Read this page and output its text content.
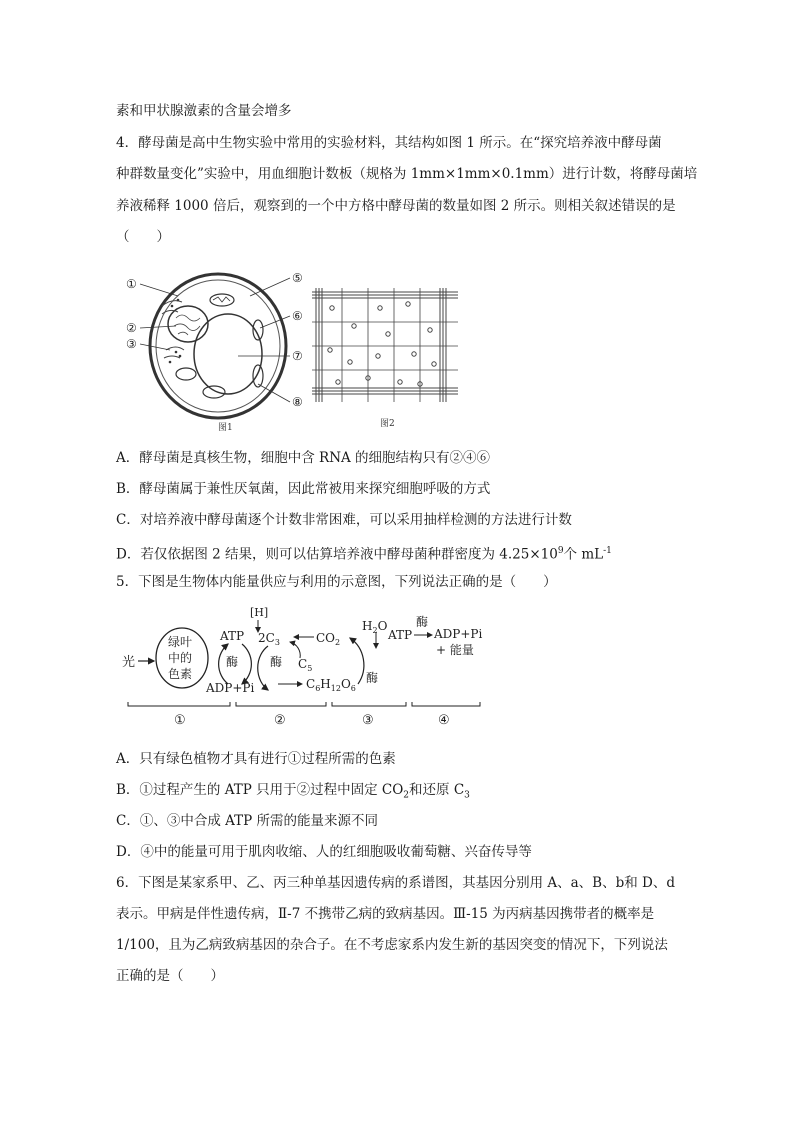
素和甲状腺激素的含量会增多
4．酵母菌是高中生物实验中常用的实验材料，其结构如图 1 所示。在“探究培养液中酵母菌
种群数量变化”实验中，用血细胞计数板（规格为 1mm×1mm×0.1mm）进行计数，将酵母菌培
养液稀释 1000 倍后，观察到的一个中方格中酵母菌的数量如图 2 所示。则相关叙述错误的是
（　　）
①
②
③
⑤
⑥
⑦
⑧
图1	图2
A．酵母菌是真核生物，细胞中含 RNA 的细胞结构只有②④⑥
B．酵母菌属于兼性厌氧菌，因此常被用来探究细胞呼吸的方式
C．对培养液中酵母菌逐个计数非常困难，可以采用抽样检测的方法进行计数
D．若仅依据图 2 结果，则可以估算培养液中酵母菌种群密度为 $4.25\times 10^9$个 $mL^{-1}$
5．下图是生物体内能量供应与利用的示意图，下列说法正确的是（　　）
光
绿叶
中的
色素
ATP
ADP+Pi
酶
[H]
$2C_3$
酶 $C_5$
$CO_2$
$C_6H_{12}O_6$
酶
$H_2O$
ATP
酶
ADP+Pi
+ 能量
①	②	③	④
A．只有绿色植物才具有进行①过程所需的色素
B．①过程产生的 ATP 只用于②过程中固定 $CO_2$和还原 $C_3$
C．①、③中合成 ATP 所需的能量来源不同
D．④中的能量可用于肌肉收缩、人的红细胞吸收葡萄糖、兴奋传导等
6．下图是某家系甲、乙、丙三种单基因遗传病的系谱图，其基因分别用 A、a、B、b和 D、d
表示。甲病是伴性遗传病，Ⅱ-7 不携带乙病的致病基因。Ⅲ-15 为丙病基因携带者的概率是
1/100，且为乙病致病基因的杂合子。在不考虑家系内发生新的基因突变的情况下，下列说法
正确的是（　　）
